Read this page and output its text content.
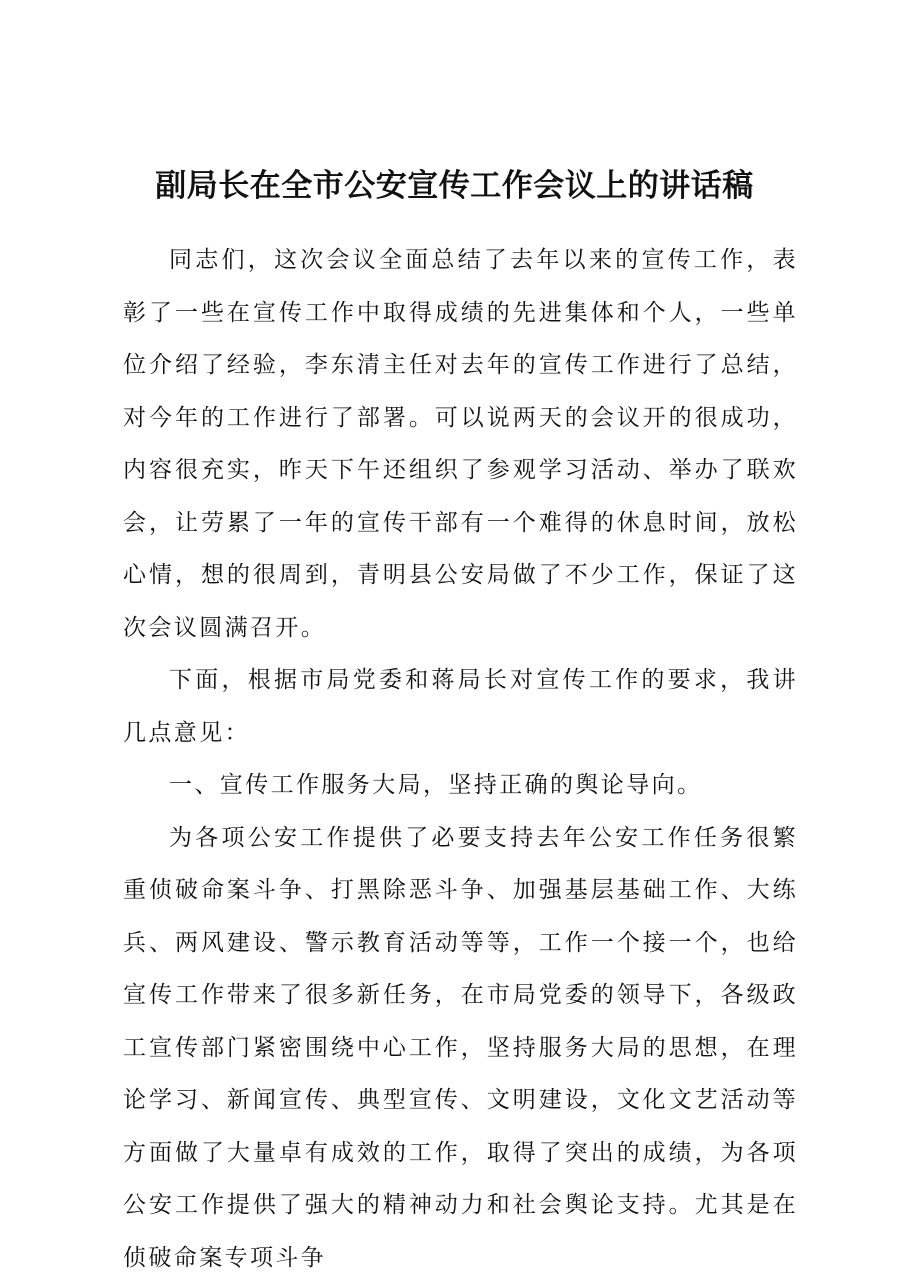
副局长在全市公安宣传工作会议上的讲话稿

同志们，这次会议全面总结了去年以来的宣传工作，表彰了一些在宣传工作中取得成绩的先进集体和个人，一些单位介绍了经验，李东清主任对去年的宣传工作进行了总结，对今年的工作进行了部署。可以说两天的会议开的很成功，内容很充实，昨天下午还组织了参观学习活动、举办了联欢会，让劳累了一年的宣传干部有一个难得的休息时间，放松心情，想的很周到，青明县公安局做了不少工作，保证了这次会议圆满召开。

下面，根据市局党委和蒋局长对宣传工作的要求，我讲几点意见：

一、宣传工作服务大局，坚持正确的舆论导向。

为各项公安工作提供了必要支持去年公安工作任务很繁重侦破命案斗争、打黑除恶斗争、加强基层基础工作、大练兵、两风建设、警示教育活动等等，工作一个接一个，也给宣传工作带来了很多新任务，在市局党委的领导下，各级政工宣传部门紧密围绕中心工作，坚持服务大局的思想，在理论学习、新闻宣传、典型宣传、文明建设，文化文艺活动等方面做了大量卓有成效的工作，取得了突出的成绩，为各项公安工作提供了强大的精神动力和社会舆论支持。尤其是在侦破命案专项斗争
